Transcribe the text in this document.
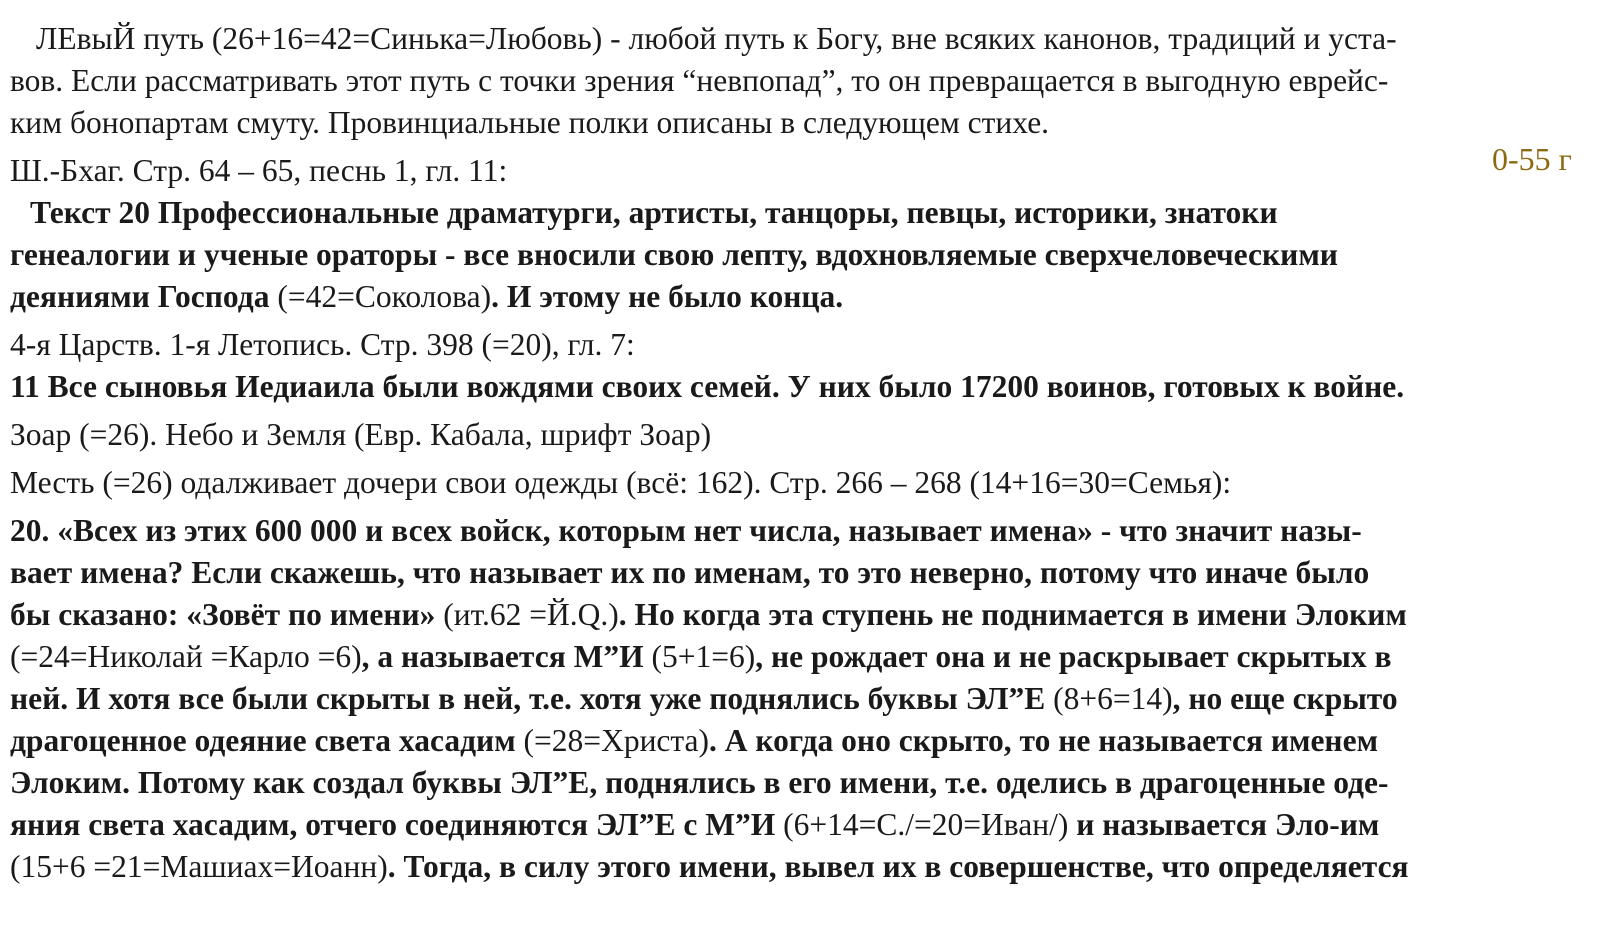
0-55 г
ЛЕвыЙ путь (26+16=42=Синька=Любовь) - любой путь к Богу, вне всяких канонов, традиций и уста-
вов. Если рассматривать этот путь с точки зрения “невпопад”, то он превращается в выгодную еврейс-
ким бонопартам смуту. Провинциальные полки описаны в следующем стихе.
Ш.-Бхаг. Стр. 64 – 65, песнь 1, гл. 11:
Текст 20 Профессиональные драматурги, артисты, танцоры, певцы, историки, знатоки
генеалогии и ученые ораторы - все вносили свою лепту, вдохновляемые сверхчеловеческими
деяниями Господа (=42=Соколова). И этому не было конца.
4-я Царств. 1-я Летопись. Стр. 398 (=20), гл. 7:
11 Все сыновья Иедиаила были вождями своих семей. У них было 17200 воинов, готовых к войне.
Зоар (=26). Небо и Земля (Евр. Кабала, шрифт Зоар)
Месть (=26) одалживает дочери свои одежды (всё: 162). Стр. 266 – 268 (14+16=30=Семья):
20. «Всех из этих 600 000 и всех войск, которым нет числа, называет имена» - что значит назы-
вает имена? Если скажешь, что называет их по именам, то это неверно, потому что иначе было
бы сказано: «Зовёт по имени» (ит.62 =Й.Q.). Но когда эта ступень не поднимается в имени Элоким
(=24=Николай =Карло =6), а называется М”И (5+1=6), не рождает она и не раскрывает скрытых в
ней. И хотя все были скрыты в ней, т.е. хотя уже поднялись буквы ЭЛ”Е (8+6=14), но еще скрыто
драгоценное одеяние света хасадим (=28=Христа). А когда оно скрыто, то не называется именем
Элоким. Потому как создал буквы ЭЛ”Е, поднялись в его имени, т.е. оделись в драгоценные оде-
яния света хасадим, отчего соединяются ЭЛ”Е с М”И (6+14=С./=20=Иван/) и называется Эло-им
(15+6 =21=Машиах=Иоанн). Тогда, в силу этого имени, вывел их в совершенстве, что определяется
